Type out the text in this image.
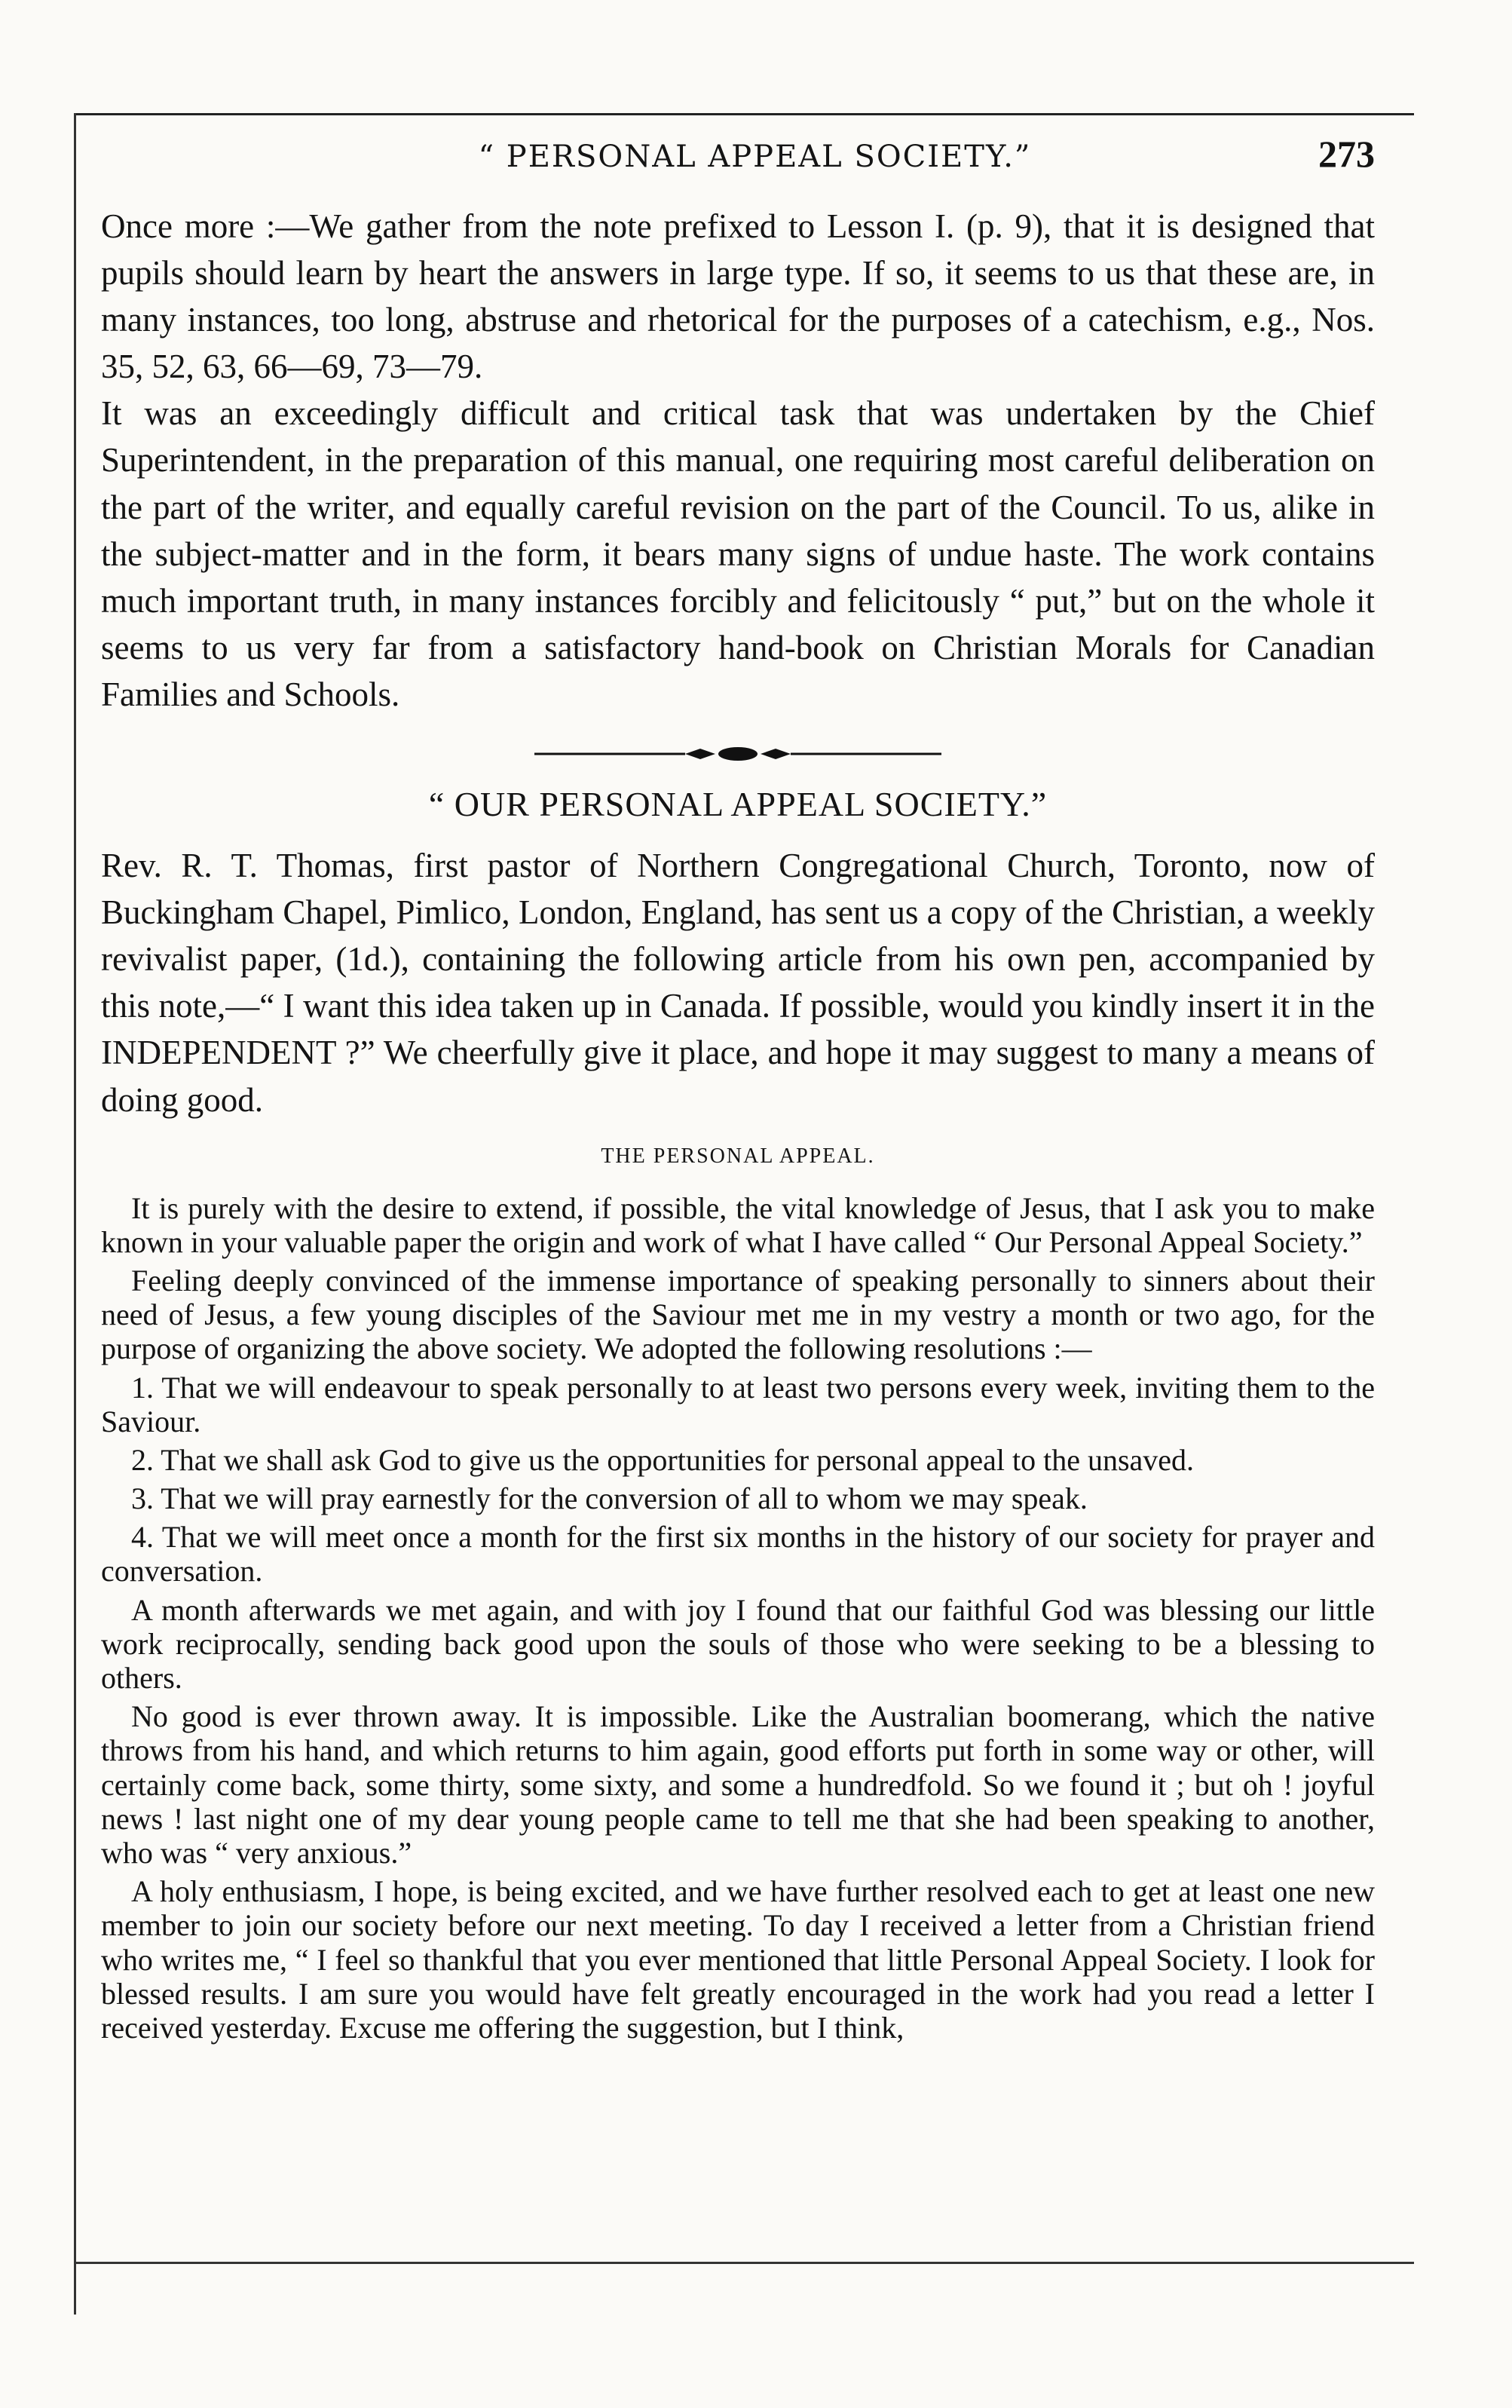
“ PERSONAL APPEAL SOCIETY.”	273

Once more :—We gather from the note prefixed to Lesson I. (p. 9), that it is designed that pupils should learn by heart the answers in large type. If so, it seems to us that these are, in many instances, too long, abstruse and rhetorical for the purposes of a catechism, e.g., Nos. 35, 52, 63, 66—69, 73—79.

It was an exceedingly difficult and critical task that was undertaken by the Chief Superintendent, in the preparation of this manual, one requiring most careful deliberation on the part of the writer, and equally careful revision on the part of the Council. To us, alike in the subject-matter and in the form, it bears many signs of undue haste. The work contains much important truth, in many instances forcibly and felicitously “ put,” but on the whole it seems to us very far from a satisfactory hand-book on Christian Morals for Canadian Families and Schools.

“ OUR PERSONAL APPEAL SOCIETY.”

Rev. R. T. Thomas, first pastor of Northern Congregational Church, Toronto, now of Buckingham Chapel, Pimlico, London, England, has sent us a copy of the Christian, a weekly revivalist paper, (1d.), containing the following article from his own pen, accompanied by this note,—“ I want this idea taken up in Canada. If possible, would you kindly insert it in the INDEPENDENT ?” We cheerfully give it place, and hope it may suggest to many a means of doing good.

THE PERSONAL APPEAL.

It is purely with the desire to extend, if possible, the vital knowledge of Jesus, that I ask you to make known in your valuable paper the origin and work of what I have called “ Our Personal Appeal Society.”

Feeling deeply convinced of the immense importance of speaking personally to sinners about their need of Jesus, a few young disciples of the Saviour met me in my vestry a month or two ago, for the purpose of organizing the above society. We adopted the following resolutions :—

1. That we will endeavour to speak personally to at least two persons every week, inviting them to the Saviour.

2. That we shall ask God to give us the opportunities for personal appeal to the unsaved.

3. That we will pray earnestly for the conversion of all to whom we may speak.

4. That we will meet once a month for the first six months in the history of our society for prayer and conversation.

A month afterwards we met again, and with joy I found that our faithful God was blessing our little work reciprocally, sending back good upon the souls of those who were seeking to be a blessing to others.

No good is ever thrown away. It is impossible. Like the Australian boomerang, which the native throws from his hand, and which returns to him again, good efforts put forth in some way or other, will certainly come back, some thirty, some sixty, and some a hundredfold. So we found it ; but oh ! joyful news ! last night one of my dear young people came to tell me that she had been speaking to another, who was “ very anxious.”

A holy enthusiasm, I hope, is being excited, and we have further resolved each to get at least one new member to join our society before our next meeting. To day I received a letter from a Christian friend who writes me, “ I feel so thankful that you ever mentioned that little Personal Appeal Society. I look for blessed results. I am sure you would have felt greatly encouraged in the work had you read a letter I received yesterday. Excuse me offering the suggestion, but I think,
